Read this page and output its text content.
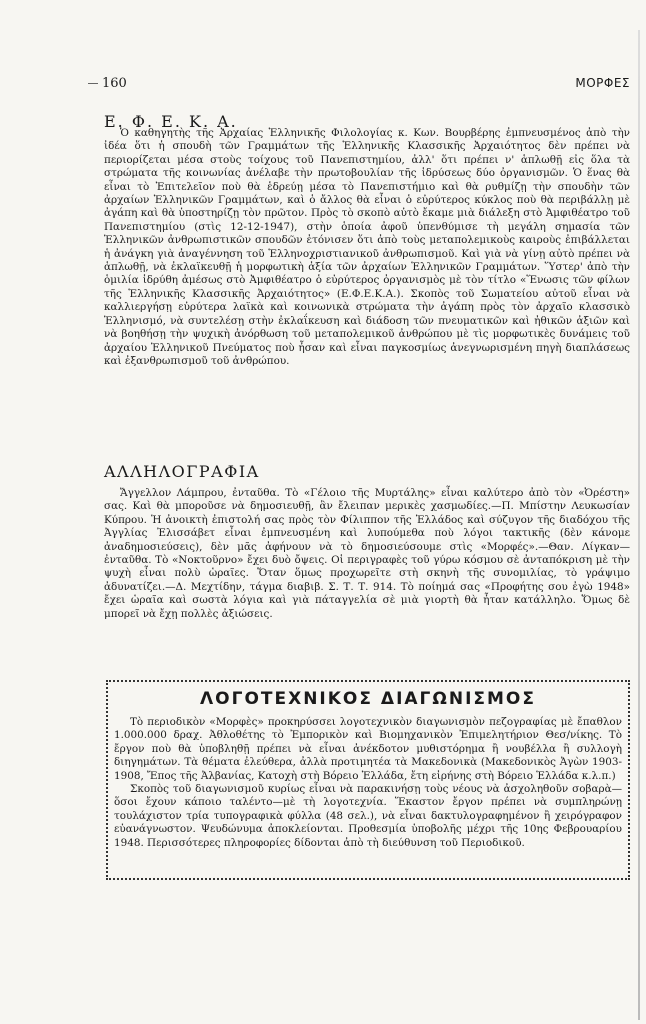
160	ΜΟΡΦΕΣ
Ε. Φ. Ε. Κ. Α.

Ὁ καθηγητὴς τῆς Ἀρχαίας Ἑλληνικῆς Φιλολογίας κ. Κων. Βουρβέρης ἐμπνευσμένος ἀπὸ τὴν ἰδέα ὅτι ἡ σπουδὴ τῶν Γραμμάτων τῆς Ἑλληνικῆς Κλασσικῆς Ἀρχαιότητος δὲν πρέπει νὰ περιορίζεται μέσα στοὺς τοίχους τοῦ Πανεπιστημίου, ἀλλ' ὅτι πρέπει ν' ἁπλωθῇ εἰς ὅλα τὰ στρώματα τῆς κοινωνίας ἀνέλαβε τὴν πρωτοβουλίαν τῆς ἱδρύσεως δύο ὀργανισμῶν. Ὁ ἕνας θὰ εἶναι τὸ Ἐπιτελεῖον ποὺ θὰ ἑδρεύῃ μέσα τὸ Πανεπιστήμιο καὶ θὰ ρυθμίζῃ τὴν σπουδὴν τῶν ἀρχαίων Ἑλληνικῶν Γραμμάτων, καὶ ὁ ἄλλος θὰ εἶναι ὁ εὐρύτερος κύκλος ποὺ θὰ περιβάλλῃ μὲ ἀγάπη καὶ θὰ ὑποστηρίζῃ τὸν πρῶτον. Πρὸς τὸ σκοπὸ αὐτὸ ἔκαμε μιὰ διάλεξη στὸ Ἀμφιθέατρο τοῦ Πανεπιστημίου (στὶς 12-12-1947), στὴν ὁποία ἀφοῦ ὑπενθύμισε τὴ μεγάλη σημασία τῶν Ἑλληνικῶν ἀνθρωπιστικῶν σπουδῶν ἐτόνισεν ὅτι ἀπὸ τοὺς μεταπολεμικοὺς καιροὺς ἐπιβάλλεται ἡ ἀνάγκη γιὰ ἀναγέννηση τοῦ Ἑλληνοχριστιανικοῦ ἀνθρωπισμοῦ. Καὶ γιὰ νὰ γίνῃ αὐτὸ πρέπει νὰ ἁπλωθῇ, νὰ ἐκλαϊκευθῇ ἡ μορφωτικὴ ἀξία τῶν ἀρχαίων Ἑλληνικῶν Γραμμάτων. Ὕστερ' ἀπὸ τὴν ὁμιλία ἱδρύθη ἀμέσως στὸ Ἀμφιθέατρο ὁ εὐρύτερος ὀργανισμὸς μὲ τὸν τίτλο «Ἕνωσις τῶν φίλων τῆς Ἑλληνικῆς Κλασσικῆς Ἀρχαιότητος» (Ε.Φ.Ε.Κ.Α.). Σκοπὸς τοῦ Σωματείου αὐτοῦ εἶναι νὰ καλλιεργήσῃ εὐρύτερα λαϊκὰ καὶ κοινωνικὰ στρώματα τὴν ἀγάπη πρὸς τὸν ἀρχαῖο κλασσικὸ Ἑλληνισμό, νὰ συντελέσῃ στὴν ἐκλαΐκευση καὶ διάδοση τῶν πνευματικῶν καὶ ἠθικῶν ἀξιῶν καὶ νὰ βοηθήσῃ τὴν ψυχικὴ ἀνόρθωση τοῦ μεταπολεμικοῦ ἀνθρώπου μὲ τὶς μορφωτικὲς δυνάμεις τοῦ ἀρχαίου Ἑλληνικοῦ Πνεύματος ποὺ ἦσαν καὶ εἶναι παγκοσμίως ἀνεγνωρισμένη πηγὴ διαπλάσεως καὶ ἐξανθρωπισμοῦ τοῦ ἀνθρώπου.

ΑΛΛΗΛΟΓΡΑΦΙΑ

Ἄγγελλον Λάμπρου, ἐνταῦθα. Τὸ «Γέλοιο τῆς Μυρτάλης» εἶναι καλύτερο ἀπὸ τὸν «Ὀρέστη» σας. Καὶ θὰ μποροῦσε νὰ δημοσιευθῇ, ἂν ἔλειπαν μερικὲς χασμωδίες.—Π. Μπίστην Λευκωσίαν Κύπρου. Ἡ ἀνοικτὴ ἐπιστολή σας πρὸς τὸν Φίλιππον τῆς Ἑλλάδος καὶ σύζυγον τῆς διαδόχου τῆς Ἀγγλίας Ἐλισσάβετ εἶναι ἐμπνευσμένη καὶ λυπούμεθα ποὺ λόγοι τακτικῆς (δὲν κάνομε ἀναδημοσιεύσεις), δὲν μᾶς ἀφήνουν νὰ τὸ δημοσιεύσουμε στὶς «Μορφές».—Θαν. Λίγκαν—ἐνταῦθα. Τὸ «Νοκτοῦρνο» ἔχει δυὸ ὄψεις. Οἱ περιγραφὲς τοῦ γύρω κόσμου σὲ ἀνταπόκριση μὲ τὴν ψυχὴ εἶναι πολὺ ὡραῖες. Ὅταν ὅμως προχωρεῖτε στὴ σκηνὴ τῆς συνομιλίας, τὸ γράψιμο ἀδυνατίζει.—Δ. Μεχτίδην, τάγμα διαβιβ. Σ. Τ. Τ. 914. Τὸ ποίημά σας «Προφήτης σου ἐγὼ 1948» ἔχει ὡραῖα καὶ σωστὰ λόγια καὶ γιὰ πάταγγελία σὲ μιὰ γιορτὴ θὰ ἦταν κατάλληλο. Ὅμως δὲ μπορεῖ νὰ ἔχῃ πολλὲς ἀξιώσεις.

ΛΟΓΟΤΕΧΝΙΚΟΣ ΔΙΑΓΩΝΙΣΜΟΣ

Τὸ περιοδικὸν «Μορφὲς» προκηρύσσει λογοτεχνικὸν διαγωνισμὸν πεζογραφίας μὲ ἔπαθλον 1.000.000 δραχ. Ἀθλοθέτης τὸ Ἐμπορικὸν καὶ Βιομηχανικὸν Ἐπιμελητήριον Θεσ/νίκης. Τὸ ἔργον ποὺ θὰ ὑποβληθῇ πρέπει νὰ εἶναι ἀνέκδοτον μυθιστόρημα ἢ νουβέλλα ἢ συλλογὴ διηγημάτων. Τὰ θέματα ἐλεύθερα, ἀλλὰ προτιμητέα τὰ Μακεδονικὰ (Μακεδονικὸς Ἀγὼν 1903-1908, Ἔπος τῆς Ἀλβανίας, Κατοχὴ στὴ Βόρειο Ἑλλάδα, ἔτη εἰρήνης στὴ Βόρειο Ἑλλάδα κ.λ.π.)

Σκοπὸς τοῦ διαγωνισμοῦ κυρίως εἶναι νὰ παρακινήσῃ τοὺς νέους νὰ ἀσχοληθοῦν σοβαρὰ—ὅσοι ἔχουν κάποιο ταλέντο—μὲ τὴ λογοτεχνία. Ἕκαστον ἔργον πρέπει νὰ συμπληρώνῃ τουλάχιστον τρία τυπογραφικὰ φύλλα (48 σελ.), νὰ εἶναι δακτυλογραφημένον ἢ χειρόγραφον εὐανάγνωστον. Ψευδώνυμα ἀποκλείονται. Προθεσμία ὑποβολῆς μέχρι τῆς 10ης Φεβρουαρίου 1948. Περισσότερες πληροφορίες δίδονται ἀπὸ τὴ διεύθυνση τοῦ Περιοδικοῦ.
